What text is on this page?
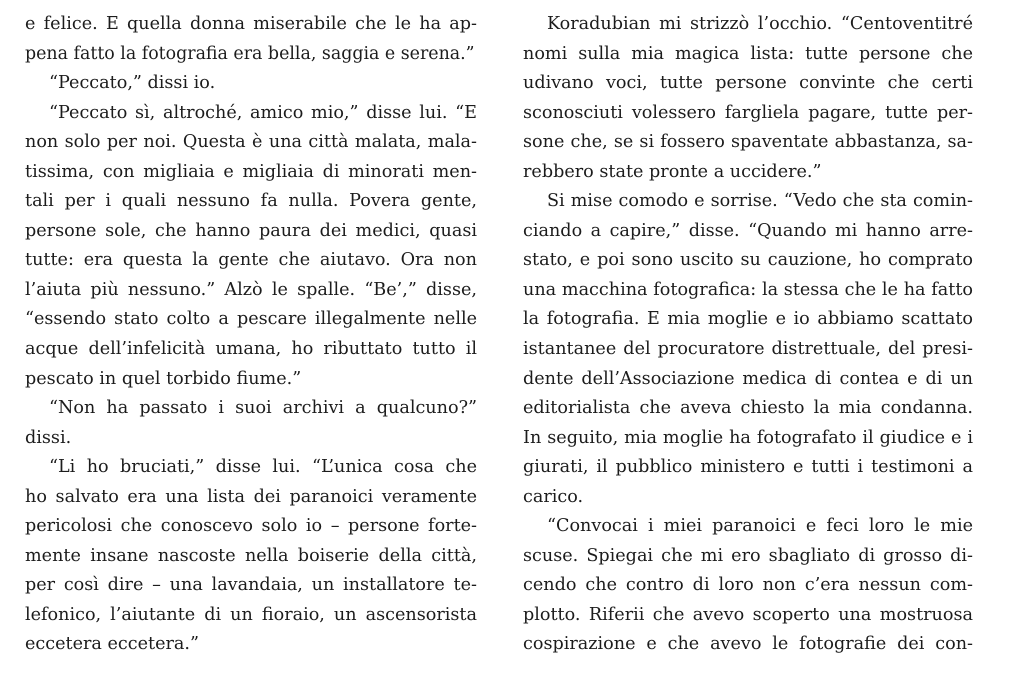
e felice. E quella donna miserabile che le ha ap-
pena fatto la fotografia era bella, saggia e serena.”
“Peccato,” dissi io.
“Peccato sì, altroché, amico mio,” disse lui. “E
non solo per noi. Questa è una città malata, mala-
tissima, con migliaia e migliaia di minorati men-
tali per i quali nessuno fa nulla. Povera gente,
persone sole, che hanno paura dei medici, quasi
tutte: era questa la gente che aiutavo. Ora non
l’aiuta più nessuno.” Alzò le spalle. “Be’,” disse,
“essendo stato colto a pescare illegalmente nelle
acque dell’infelicità umana, ho ributtato tutto il
pescato in quel torbido fiume.”
“Non ha passato i suoi archivi a qualcuno?”
dissi.
“Li ho bruciati,” disse lui. “L’unica cosa che
ho salvato era una lista dei paranoici veramente
pericolosi che conoscevo solo io – persone forte-
mente insane nascoste nella boiserie della città,
per così dire – una lavandaia, un installatore te-
lefonico, l’aiutante di un fioraio, un ascensorista
eccetera eccetera.”
Koradubian mi strizzò l’occhio. “Centoventitré
nomi sulla mia magica lista: tutte persone che
udivano voci, tutte persone convinte che certi
sconosciuti volessero fargliela pagare, tutte per-
sone che, se si fossero spaventate abbastanza, sa-
rebbero state pronte a uccidere.”
Si mise comodo e sorrise. “Vedo che sta comin-
ciando a capire,” disse. “Quando mi hanno arre-
stato, e poi sono uscito su cauzione, ho comprato
una macchina fotografica: la stessa che le ha fatto
la fotografia. E mia moglie e io abbiamo scattato
istantanee del procuratore distrettuale, del presi-
dente dell’Associazione medica di contea e di un
editorialista che aveva chiesto la mia condanna.
In seguito, mia moglie ha fotografato il giudice e i
giurati, il pubblico ministero e tutti i testimoni a
carico.
“Convocai i miei paranoici e feci loro le mie
scuse. Spiegai che mi ero sbagliato di grosso di-
cendo che contro di loro non c’era nessun com-
plotto. Riferii che avevo scoperto una mostruosa
cospirazione e che avevo le fotografie dei con-
